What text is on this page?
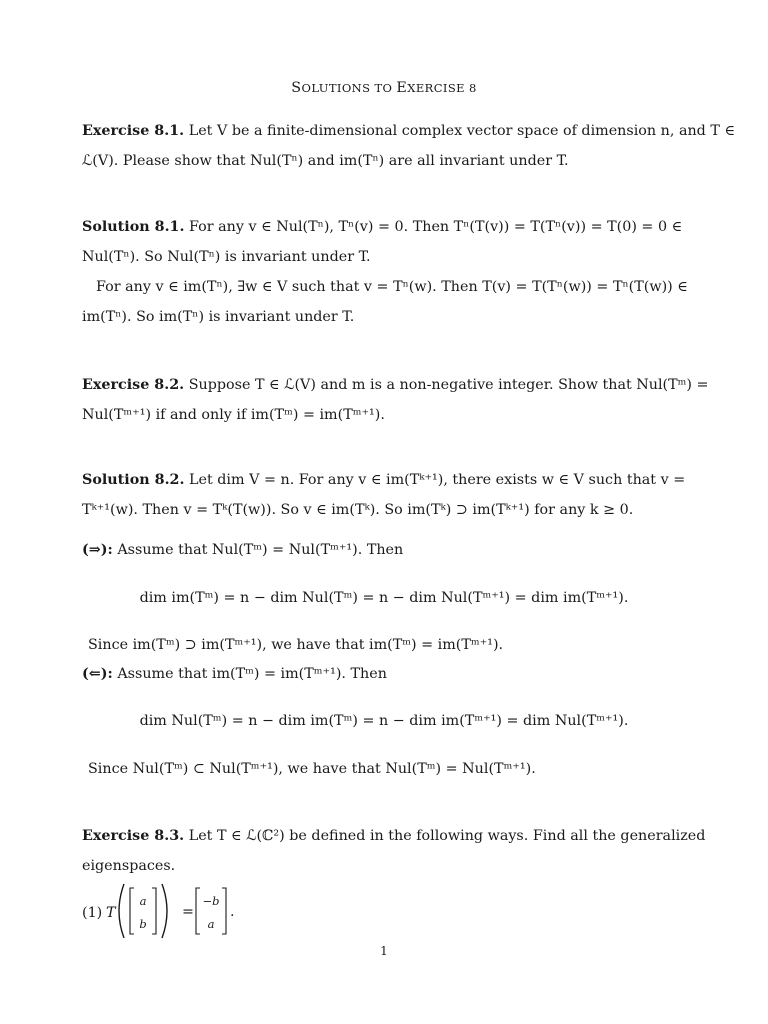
SOLUTIONS TO EXERCISE 8
Exercise 8.1. Let V be a finite-dimensional complex vector space of dimension n, and T ∈
ℒ(V). Please show that Nul(Tⁿ) and im(Tⁿ) are all invariant under T.
Solution 8.1. For any v ∈ Nul(Tⁿ), Tⁿ(v) = 0. Then Tⁿ(T(v)) = T(Tⁿ(v)) = T(0) = 0 ∈
Nul(Tⁿ). So Nul(Tⁿ) is invariant under T.
For any v ∈ im(Tⁿ), ∃w ∈ V such that v = Tⁿ(w). Then T(v) = T(Tⁿ(w)) = Tⁿ(T(w)) ∈
im(Tⁿ). So im(Tⁿ) is invariant under T.
Exercise 8.2. Suppose T ∈ ℒ(V) and m is a non-negative integer. Show that Nul(Tᵐ) =
Nul(Tᵐ⁺¹) if and only if im(Tᵐ) = im(Tᵐ⁺¹).
Solution 8.2. Let dim V = n. For any v ∈ im(Tᵏ⁺¹), there exists w ∈ V such that v =
Tᵏ⁺¹(w). Then v = Tᵏ(T(w)). So v ∈ im(Tᵏ). So im(Tᵏ) ⊃ im(Tᵏ⁺¹) for any k ≥ 0.
(⇒): Assume that Nul(Tᵐ) = Nul(Tᵐ⁺¹). Then
dim im(Tᵐ) = n − dim Nul(Tᵐ) = n − dim Nul(Tᵐ⁺¹) = dim im(Tᵐ⁺¹).
Since im(Tᵐ) ⊃ im(Tᵐ⁺¹), we have that im(Tᵐ) = im(Tᵐ⁺¹).
(⇐): Assume that im(Tᵐ) = im(Tᵐ⁺¹). Then
dim Nul(Tᵐ) = n − dim im(Tᵐ) = n − dim im(Tᵐ⁺¹) = dim Nul(Tᵐ⁺¹).
Since Nul(Tᵐ) ⊂ Nul(Tᵐ⁺¹), we have that Nul(Tᵐ) = Nul(Tᵐ⁺¹).
Exercise 8.3. Let T ∈ ℒ(ℂ²) be defined in the following ways. Find all the generalized
eigenspaces.
(1) T
a
b
=
−b
a
.
1
